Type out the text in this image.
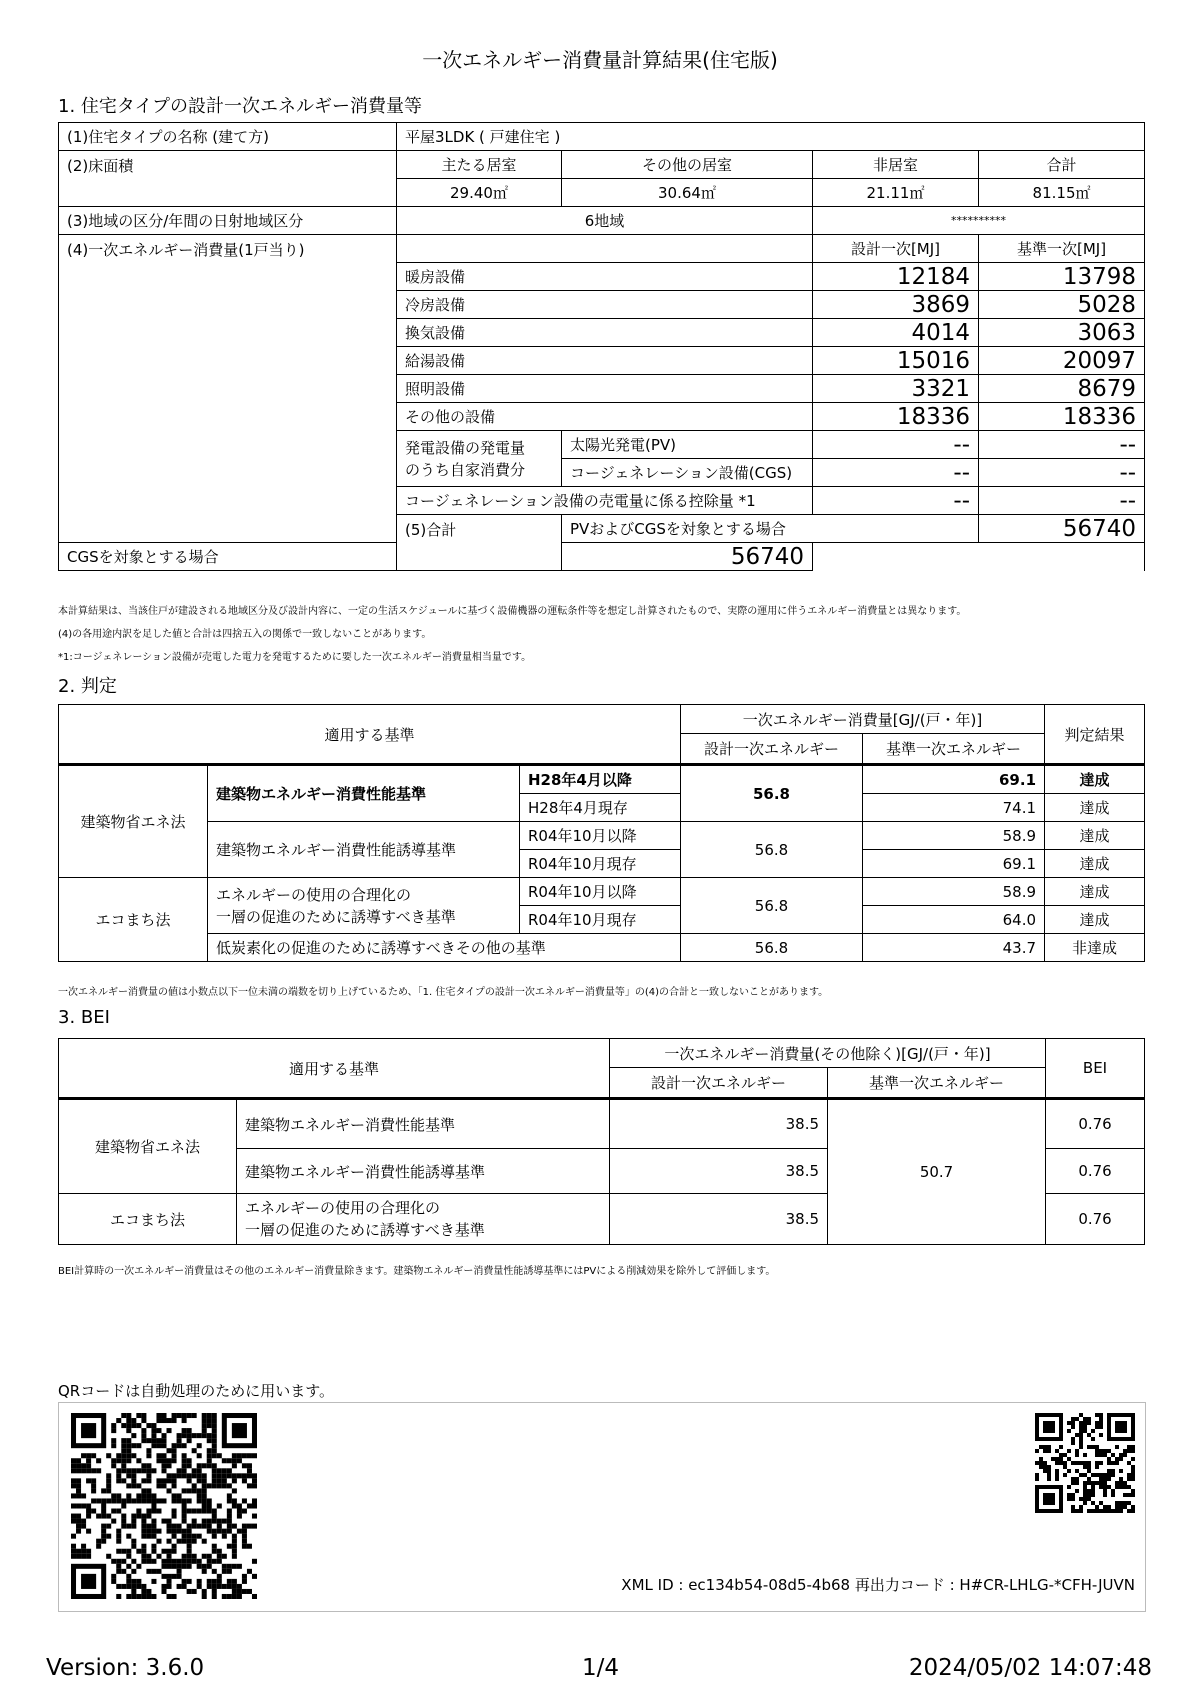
一次エネルギー消費量計算結果(住宅版)
1. 住宅タイプの設計一次エネルギー消費量等
(1)住宅タイプの名称 (建て方)	平屋3LDK ( 戸建住宅 )				
(2)床面積	主たる居室	その他の居室	非居室	合計	
	29.40㎡	30.64㎡	21.11㎡	81.15㎡	
(3)地域の区分/年間の日射地域区分	6地域		**********		
(4)一次エネルギー消費量(1戸当り)			設計一次[MJ]	基準一次[MJ]	
	暖房設備		12184	13798	
	冷房設備		3869	5028	
	換気設備		4014	3063	
	給湯設備		15016	20097	
	照明設備		3321	8679	
	その他の設備		18336	18336	

	発電設備の発電量
のうち自家消費分	太陽光発電(PV)	--	--	
		コージェネレーション設備(CGS)	--	--	
	コージェネレーション設備の売電量に係る控除量 *1		--	--	
	(5)合計	PVおよびCGSを対象とする場合		56740	
CGSを対象とする場合		56740			
本計算結果は、当該住戸が建設される地域区分及び設計内容に、一定の生活スケジュールに基づく設備機器の運転条件等を想定し計算されたもので、実際の運用に伴うエネルギー消費量とは異なります。
(4)の各用途内訳を足した値と合計は四捨五入の関係で一致しないことがあります。
*1:コージェネレーション設備が売電した電力を発電するために要した一次エネルギー消費量相当量です。
2. 判定
適用する基準			一次エネルギー消費量[GJ/(戸・年)]		判定結果
			設計一次エネルギー	基準一次エネルギー	
建築物省エネ法	建築物エネルギー消費性能基準	H28年4月以降	56.8	69.1	達成
		H28年4月現存		74.1	達成
	建築物エネルギー消費性能誘導基準	R04年10月以降	56.8	58.9	達成
		R04年10月現存		69.1	達成
エコまち法	エネルギーの使用の合理化の
一層の促進のために誘導すべき基準	R04年10月以降	56.8	58.9	達成
		R04年10月現存		64.0	達成
	低炭素化の促進のために誘導すべきその他の基準		56.8	43.7	非達成
一次エネルギー消費量の値は小数点以下一位未満の端数を切り上げているため、「1. 住宅タイプの設計一次エネルギー消費量等」の(4)の合計と一致しないことがあります。
3. BEI
適用する基準		一次エネルギー消費量(その他除く)[GJ/(戸・年)]		BEI
		設計一次エネルギー	基準一次エネルギー	
建築物省エネ法	建築物エネルギー消費性能基準	38.5	50.7	0.76
	建築物エネルギー消費性能誘導基準	38.5		0.76
エコまち法	エネルギーの使用の合理化の
一層の促進のために誘導すべき基準	38.5		0.76
BEI計算時の一次エネルギー消費量はその他のエネルギー消費量除きます。建築物エネルギー消費量性能誘導基準にはPVによる削減効果を除外して評価します。
QRコードは自動処理のために用います。
XML ID : ec134b54-08d5-4b68 再出力コード : H#CR-LHLG-*CFH-JUVN
Version: 3.6.0	1/4	2024/05/02 14:07:48
